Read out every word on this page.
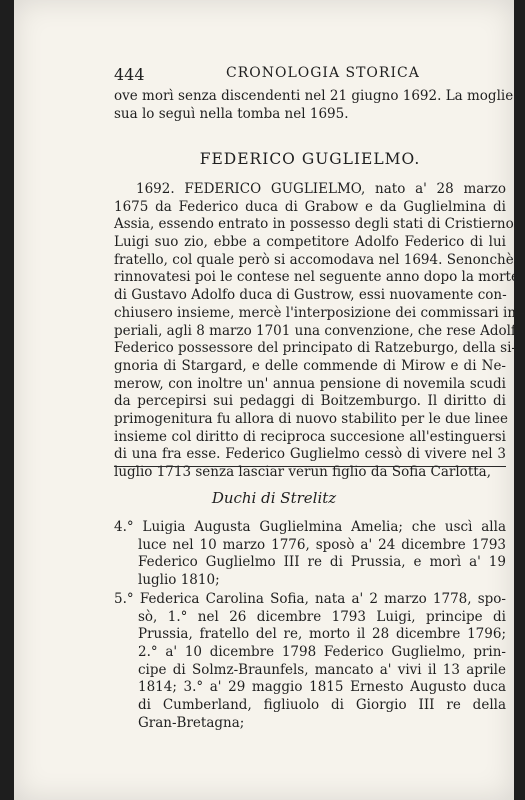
444	CRONOLOGIA STORICA
ove morì senza discendenti nel 21 giugno 1692. La moglie
sua lo seguì nella tomba nel 1695.
FEDERICO GUGLIELMO.
1692. FEDERICO GUGLIELMO, nato a' 28 marzo
1675 da Federico duca di Grabow e da Guglielmina di
Assia, essendo entrato in possesso degli stati di Cristierno
Luigi suo zio, ebbe a competitore Adolfo Federico di lui
fratello, col quale però si accomodava nel 1694. Senonchè
rinnovatesi poi le contese nel seguente anno dopo la morte
di Gustavo Adolfo duca di Gustrow, essi nuovamente con-
chiusero insieme, mercè l'interposizione dei commissari im-
periali, agli 8 marzo 1701 una convenzione, che rese Adolfo
Federico possessore del principato di Ratzeburgo, della si-
gnoria di Stargard, e delle commende di Mirow e di Ne-
merow, con inoltre un' annua pensione di novemila scudi
da percepirsi sui pedaggi di Boitzemburgo. Il diritto di
primogenitura fu allora di nuovo stabilito per le due linee
insieme col diritto di reciproca succesione all'estinguersi
di una fra esse. Federico Guglielmo cessò di vivere nel 3
luglio 1713 senza lasciar verun figlio da Sofia Carlotta,
Duchi di Strelitz
4.° Luigia Augusta Guglielmina Amelia; che uscì alla
luce nel 10 marzo 1776, sposò a' 24 dicembre 1793
Federico Guglielmo III re di Prussia, e morì a' 19
luglio 1810;
5.° Federica Carolina Sofia, nata a' 2 marzo 1778, spo-
sò, 1.° nel 26 dicembre 1793 Luigi, principe di
Prussia, fratello del re, morto il 28 dicembre 1796;
2.° a' 10 dicembre 1798 Federico Guglielmo, prin-
cipe di Solmz-Braunfels, mancato a' vivi il 13 aprile
1814; 3.° a' 29 maggio 1815 Ernesto Augusto duca
di Cumberland, figliuolo di Giorgio III re della
Gran-Bretagna;
